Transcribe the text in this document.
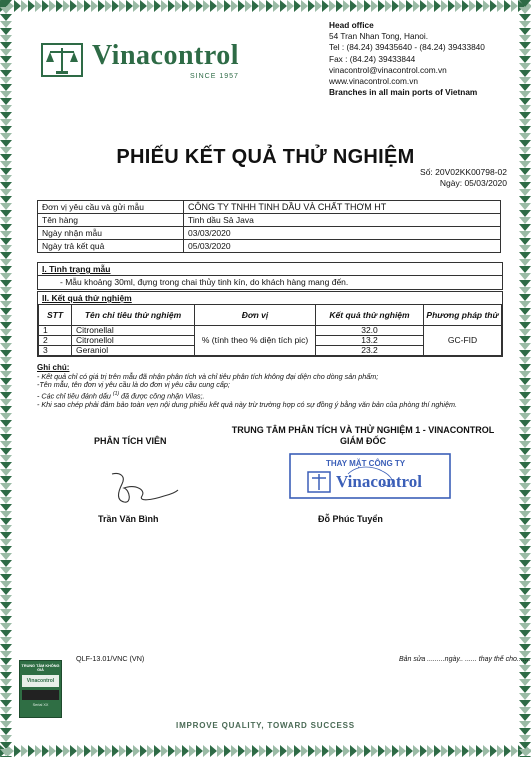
Vinacontrol
SINCE 1957
Head office
54 Tran Nhan Tong, Hanoi.
Tel : (84.24) 39435640 - (84.24) 39433840
Fax : (84.24) 39433844
vinacontrol@vinacontrol.com.vn
www.vinacontrol.com.vn
Branches in all main ports of Vietnam
PHIẾU KẾT QUẢ THỬ NGHIỆM
Số: 20V02KK00798-02
Ngày: 05/03/2020
Đơn vị yêu cầu và gửi mẫu	CÔNG TY TNHH TINH DẦU VÀ CHẤT THƠM HT
Tên hàng	Tinh dầu Sả Java
Ngày nhận mẫu	03/03/2020
Ngày trả kết quả	05/03/2020
I. Tình trạng mẫu
- Mẫu khoảng 30ml, đựng trong chai thủy tinh kín, do khách hàng mang đến.
II. Kết quả thử nghiệm
STT	Tên chỉ tiêu thử nghiệm	Đơn vị	Kết quả thử nghiệm	Phương pháp thử
1	Citronellal	% (tính theo % diện tích pic)	32.0	GC-FID
2	Citronellol		13.2	
3	Geraniol		23.2	
Ghi chú:
- Kết quả chỉ có giá trị trên mẫu đã nhận phân tích và chỉ tiêu phân tích không đại diện cho dòng sản phẩm;
-Tên mẫu, tên đơn vị yêu cầu là do đơn vị yêu cầu cung cấp;
- Các chỉ tiêu đánh dấu $^{(1)}$ đã được công nhận Vilas;.
- Khi sao chép phải đảm bảo toàn vẹn nội dung phiếu kết quả này trừ trường hợp có sự đồng ý bằng văn bản của phòng thí nghiệm.
PHÂN TÍCH VIÊN
TRUNG TÂM PHÂN TÍCH VÀ THỬ NGHIỆM 1 - VINACONTROL
GIÁM ĐỐC
THAY MẶT CÔNG TY
Vinacontrol
Trần Văn Bình	Đỗ Phúc Tuyển
TRUNG TÂM KHÔNG GIÁ
Vinacontrol
Serial XX
QLF-13.01/VNC (VN)	Bản sửa .........ngày.. ...... thay thế cho.......
IMPROVE QUALITY, TOWARD SUCCESS
